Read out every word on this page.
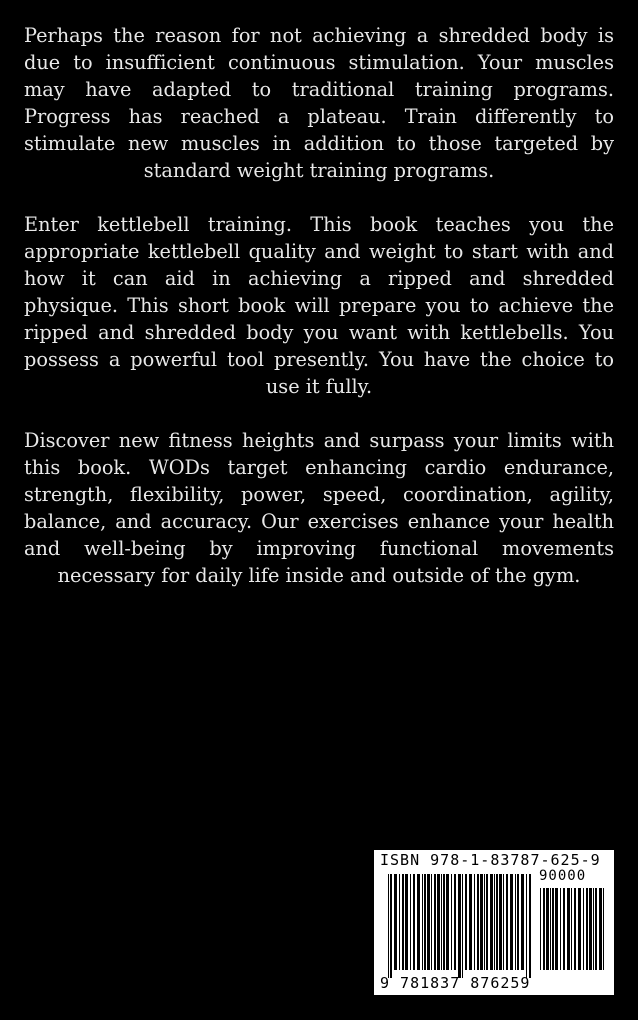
Perhaps the reason for not achieving a shredded body is due to insufficient continuous stimulation. Your muscles may have adapted to traditional training programs. Progress has reached a plateau. Train differently to stimulate new muscles in addition to those targeted by standard weight training programs.

Enter kettlebell training. This book teaches you the appropriate kettlebell quality and weight to start with and how it can aid in achieving a ripped and shredded physique. This short book will prepare you to achieve the ripped and shredded body you want with kettlebells. You possess a powerful tool presently. You have the choice to use it fully.

Discover new fitness heights and surpass your limits with this book. WODs target enhancing cardio endurance, strength, flexibility, power, speed, coordination, agility, balance, and accuracy. Our exercises enhance your health and well-being by improving functional movements necessary for daily life inside and outside of the gym.

ISBN 978-1-83787-625-9
90000
9 781837 876259
